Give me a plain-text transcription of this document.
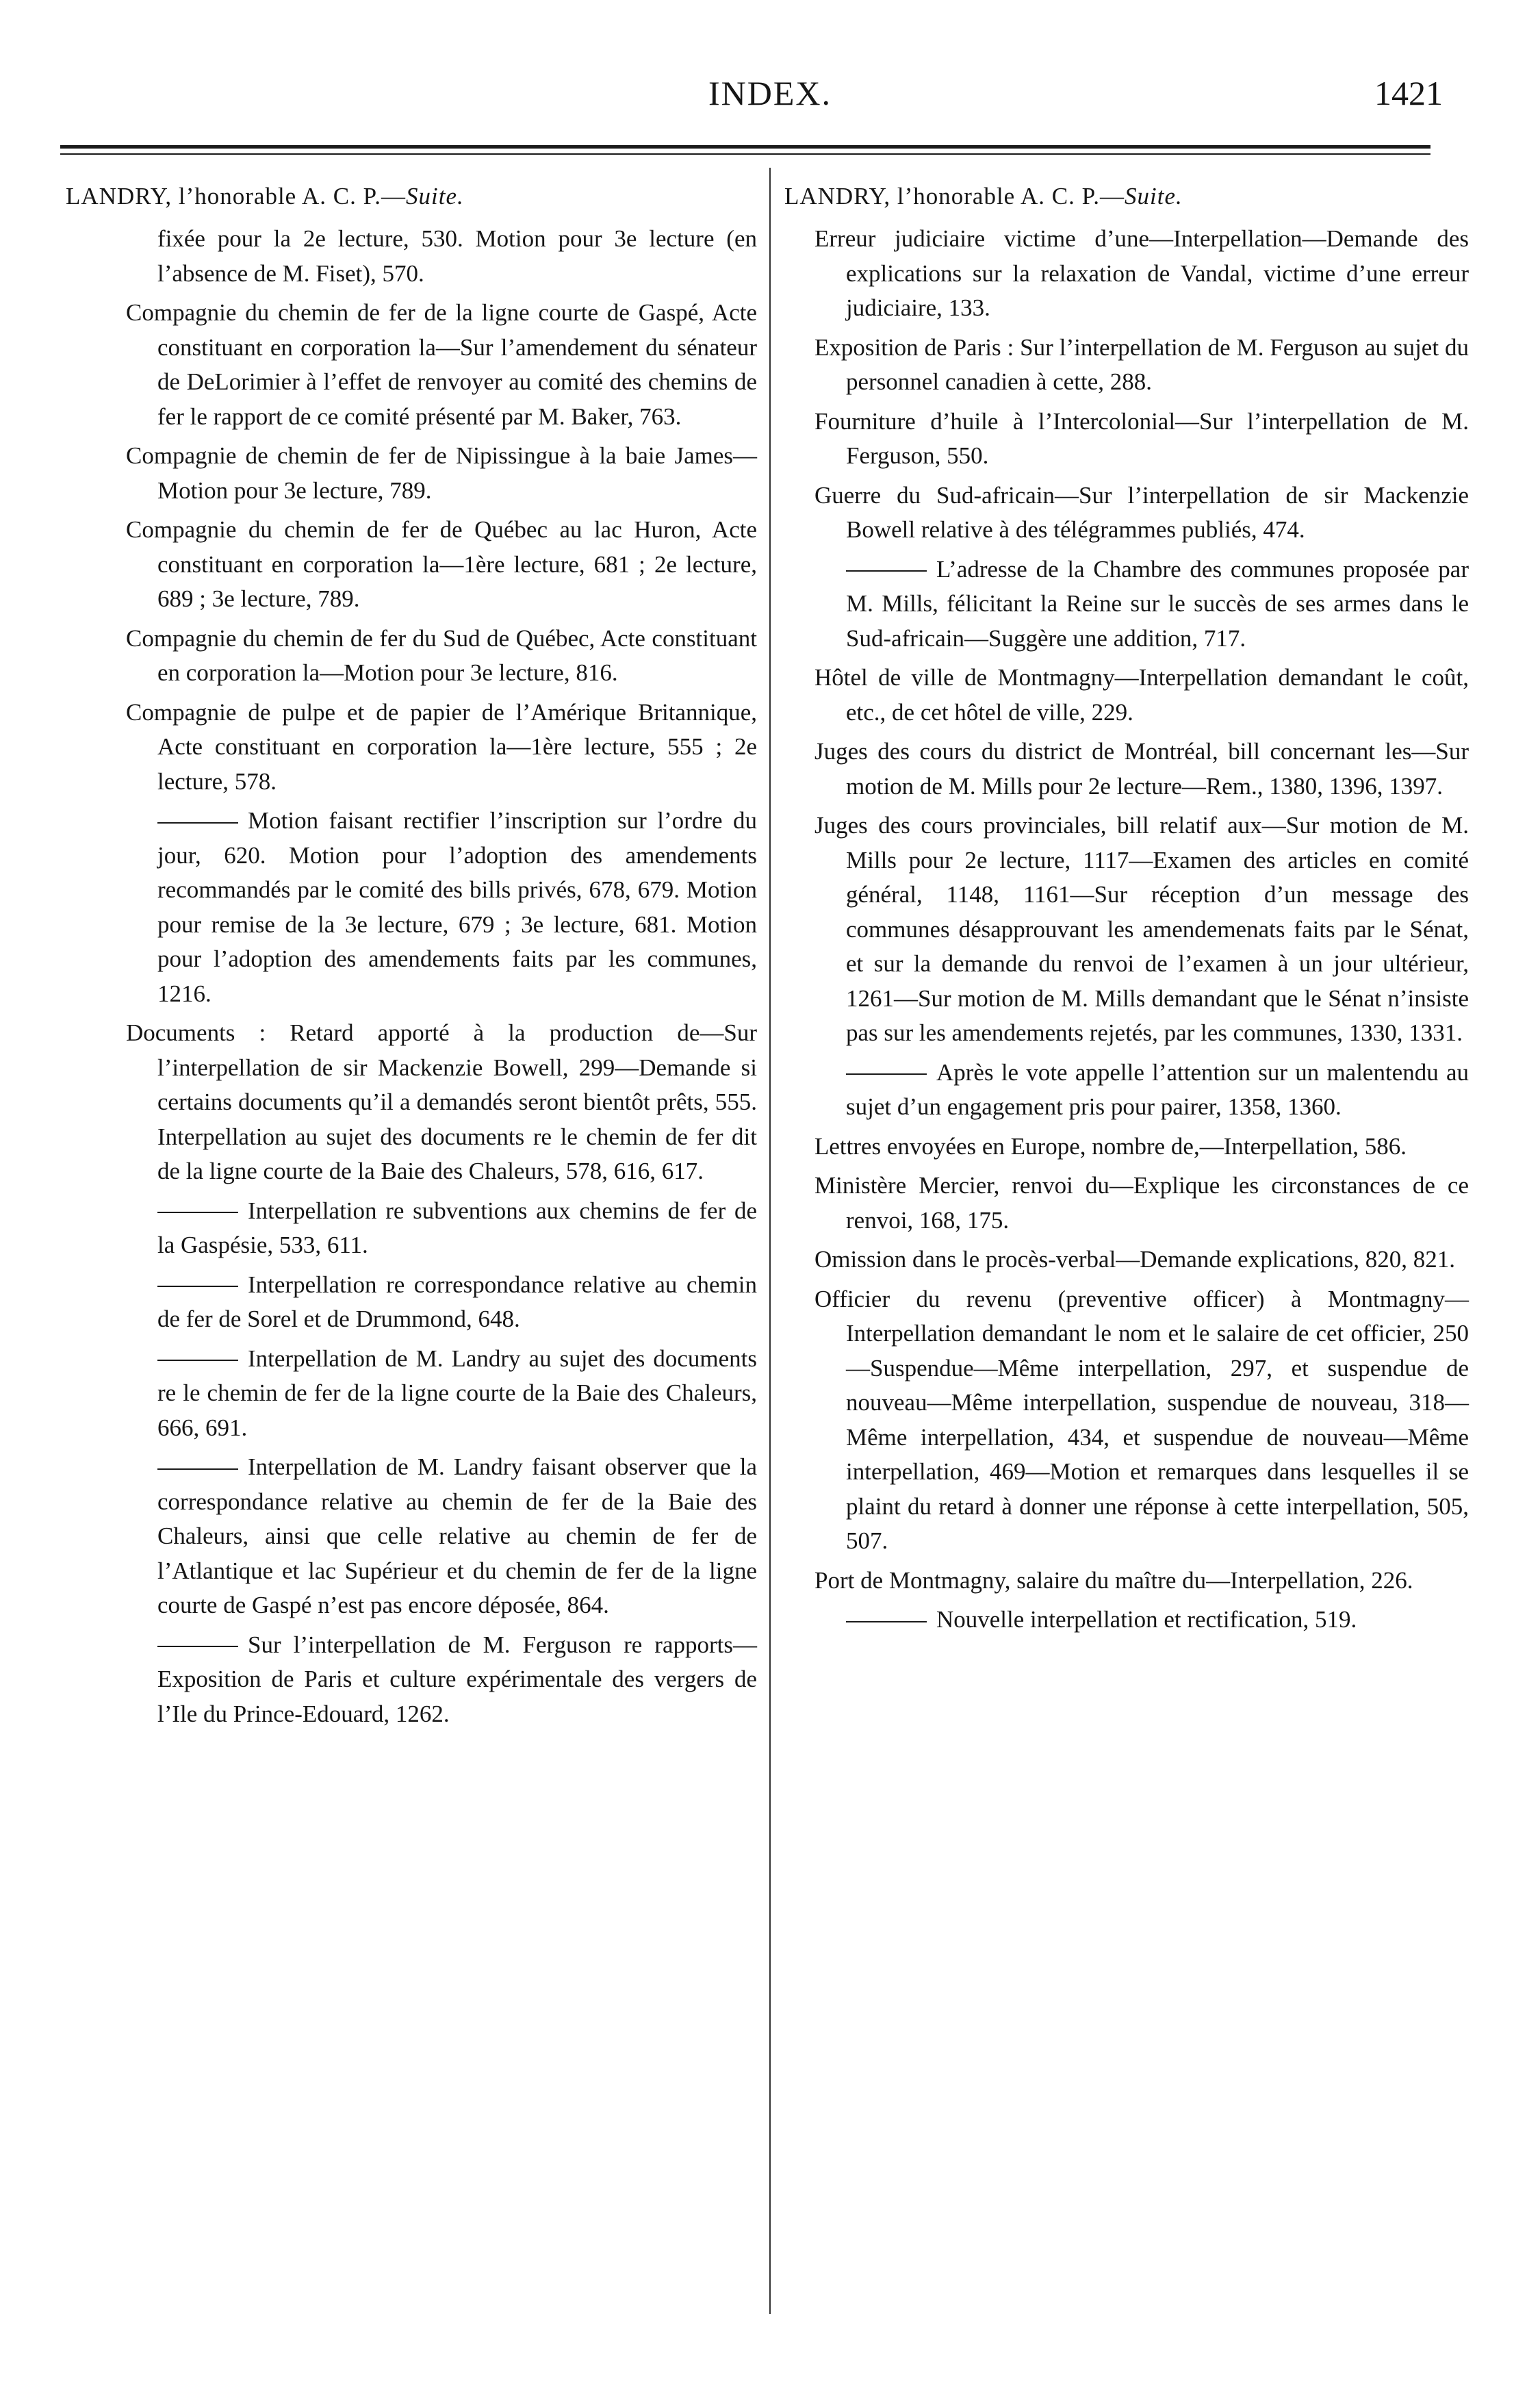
INDEX.	1421
LANDRY, l’honorable A. C. P.—Suite.
fixée pour la 2e lecture, 530. Motion pour 3e lecture (en l’absence de M. Fiset), 570.
Compagnie du chemin de fer de la ligne courte de Gaspé, Acte constituant en corporation la—Sur l’amendement du sénateur de DeLorimier à l’effet de renvoyer au comité des chemins de fer le rapport de ce comité présenté par M. Baker, 763.
Compagnie de chemin de fer de Nipissingue à la baie James—Motion pour 3e lecture, 789.
Compagnie du chemin de fer de Québec au lac Huron, Acte constituant en corporation la—1ère lecture, 681 ; 2e lecture, 689 ; 3e lecture, 789.
Compagnie du chemin de fer du Sud de Québec, Acte constituant en corporation la—Motion pour 3e lecture, 816.
Compagnie de pulpe et de papier de l’Amérique Britannique, Acte constituant en corporation la—1ère lecture, 555 ; 2e lecture, 578.
Motion faisant rectifier l’inscription sur l’ordre du jour, 620. Motion pour l’adoption des amendements recommandés par le comité des bills privés, 678, 679. Motion pour remise de la 3e lecture, 679 ; 3e lecture, 681. Motion pour l’adoption des amendements faits par les communes, 1216.
Documents : Retard apporté à la production de—Sur l’interpellation de sir Mackenzie Bowell, 299—Demande si certains documents qu’il a demandés seront bientôt prêts, 555. Interpellation au sujet des documents re le chemin de fer dit de la ligne courte de la Baie des Chaleurs, 578, 616, 617.
Interpellation re subventions aux chemins de fer de la Gaspésie, 533, 611.
Interpellation re correspondance relative au chemin de fer de Sorel et de Drummond, 648.
Interpellation de M. Landry au sujet des documents re le chemin de fer de la ligne courte de la Baie des Chaleurs, 666, 691.
Interpellation de M. Landry faisant observer que la correspondance relative au chemin de fer de la Baie des Chaleurs, ainsi que celle relative au chemin de fer de l’Atlantique et lac Supérieur et du chemin de fer de la ligne courte de Gaspé n’est pas encore déposée, 864.
Sur l’interpellation de M. Ferguson re rapports—Exposition de Paris et culture expérimentale des vergers de l’Ile du Prince-Edouard, 1262.
LANDRY, l’honorable A. C. P.—Suite.
Erreur judiciaire victime d’une—Interpellation—Demande des explications sur la relaxation de Vandal, victime d’une erreur judiciaire, 133.
Exposition de Paris : Sur l’interpellation de M. Ferguson au sujet du personnel canadien à cette, 288.
Fourniture d’huile à l’Intercolonial—Sur l’interpellation de M. Ferguson, 550.
Guerre du Sud-africain—Sur l’interpellation de sir Mackenzie Bowell relative à des télégrammes publiés, 474.
L’adresse de la Chambre des communes proposée par M. Mills, félicitant la Reine sur le succès de ses armes dans le Sud-africain—Suggère une addition, 717.
Hôtel de ville de Montmagny—Interpellation demandant le coût, etc., de cet hôtel de ville, 229.
Juges des cours du district de Montréal, bill concernant les—Sur motion de M. Mills pour 2e lecture—Rem., 1380, 1396, 1397.
Juges des cours provinciales, bill relatif aux—Sur motion de M. Mills pour 2e lecture, 1117—Examen des articles en comité général, 1148, 1161—Sur réception d’un message des communes désapprouvant les amendemenats faits par le Sénat, et sur la demande du renvoi de l’examen à un jour ultérieur, 1261—Sur motion de M. Mills demandant que le Sénat n’insiste pas sur les amendements rejetés, par les communes, 1330, 1331.
Après le vote appelle l’attention sur un malentendu au sujet d’un engagement pris pour pairer, 1358, 1360.
Lettres envoyées en Europe, nombre de,—Interpellation, 586.
Ministère Mercier, renvoi du—Explique les circonstances de ce renvoi, 168, 175.
Omission dans le procès-verbal—Demande explications, 820, 821.
Officier du revenu (preventive officer) à Montmagny—Interpellation demandant le nom et le salaire de cet officier, 250—Suspendue—Même interpellation, 297, et suspendue de nouveau—Même interpellation, suspendue de nouveau, 318—Même interpellation, 434, et suspendue de nouveau—Même interpellation, 469—Motion et remarques dans lesquelles il se plaint du retard à donner une réponse à cette interpellation, 505, 507.
Port de Montmagny, salaire du maître du—Interpellation, 226.
Nouvelle interpellation et rectification, 519.
